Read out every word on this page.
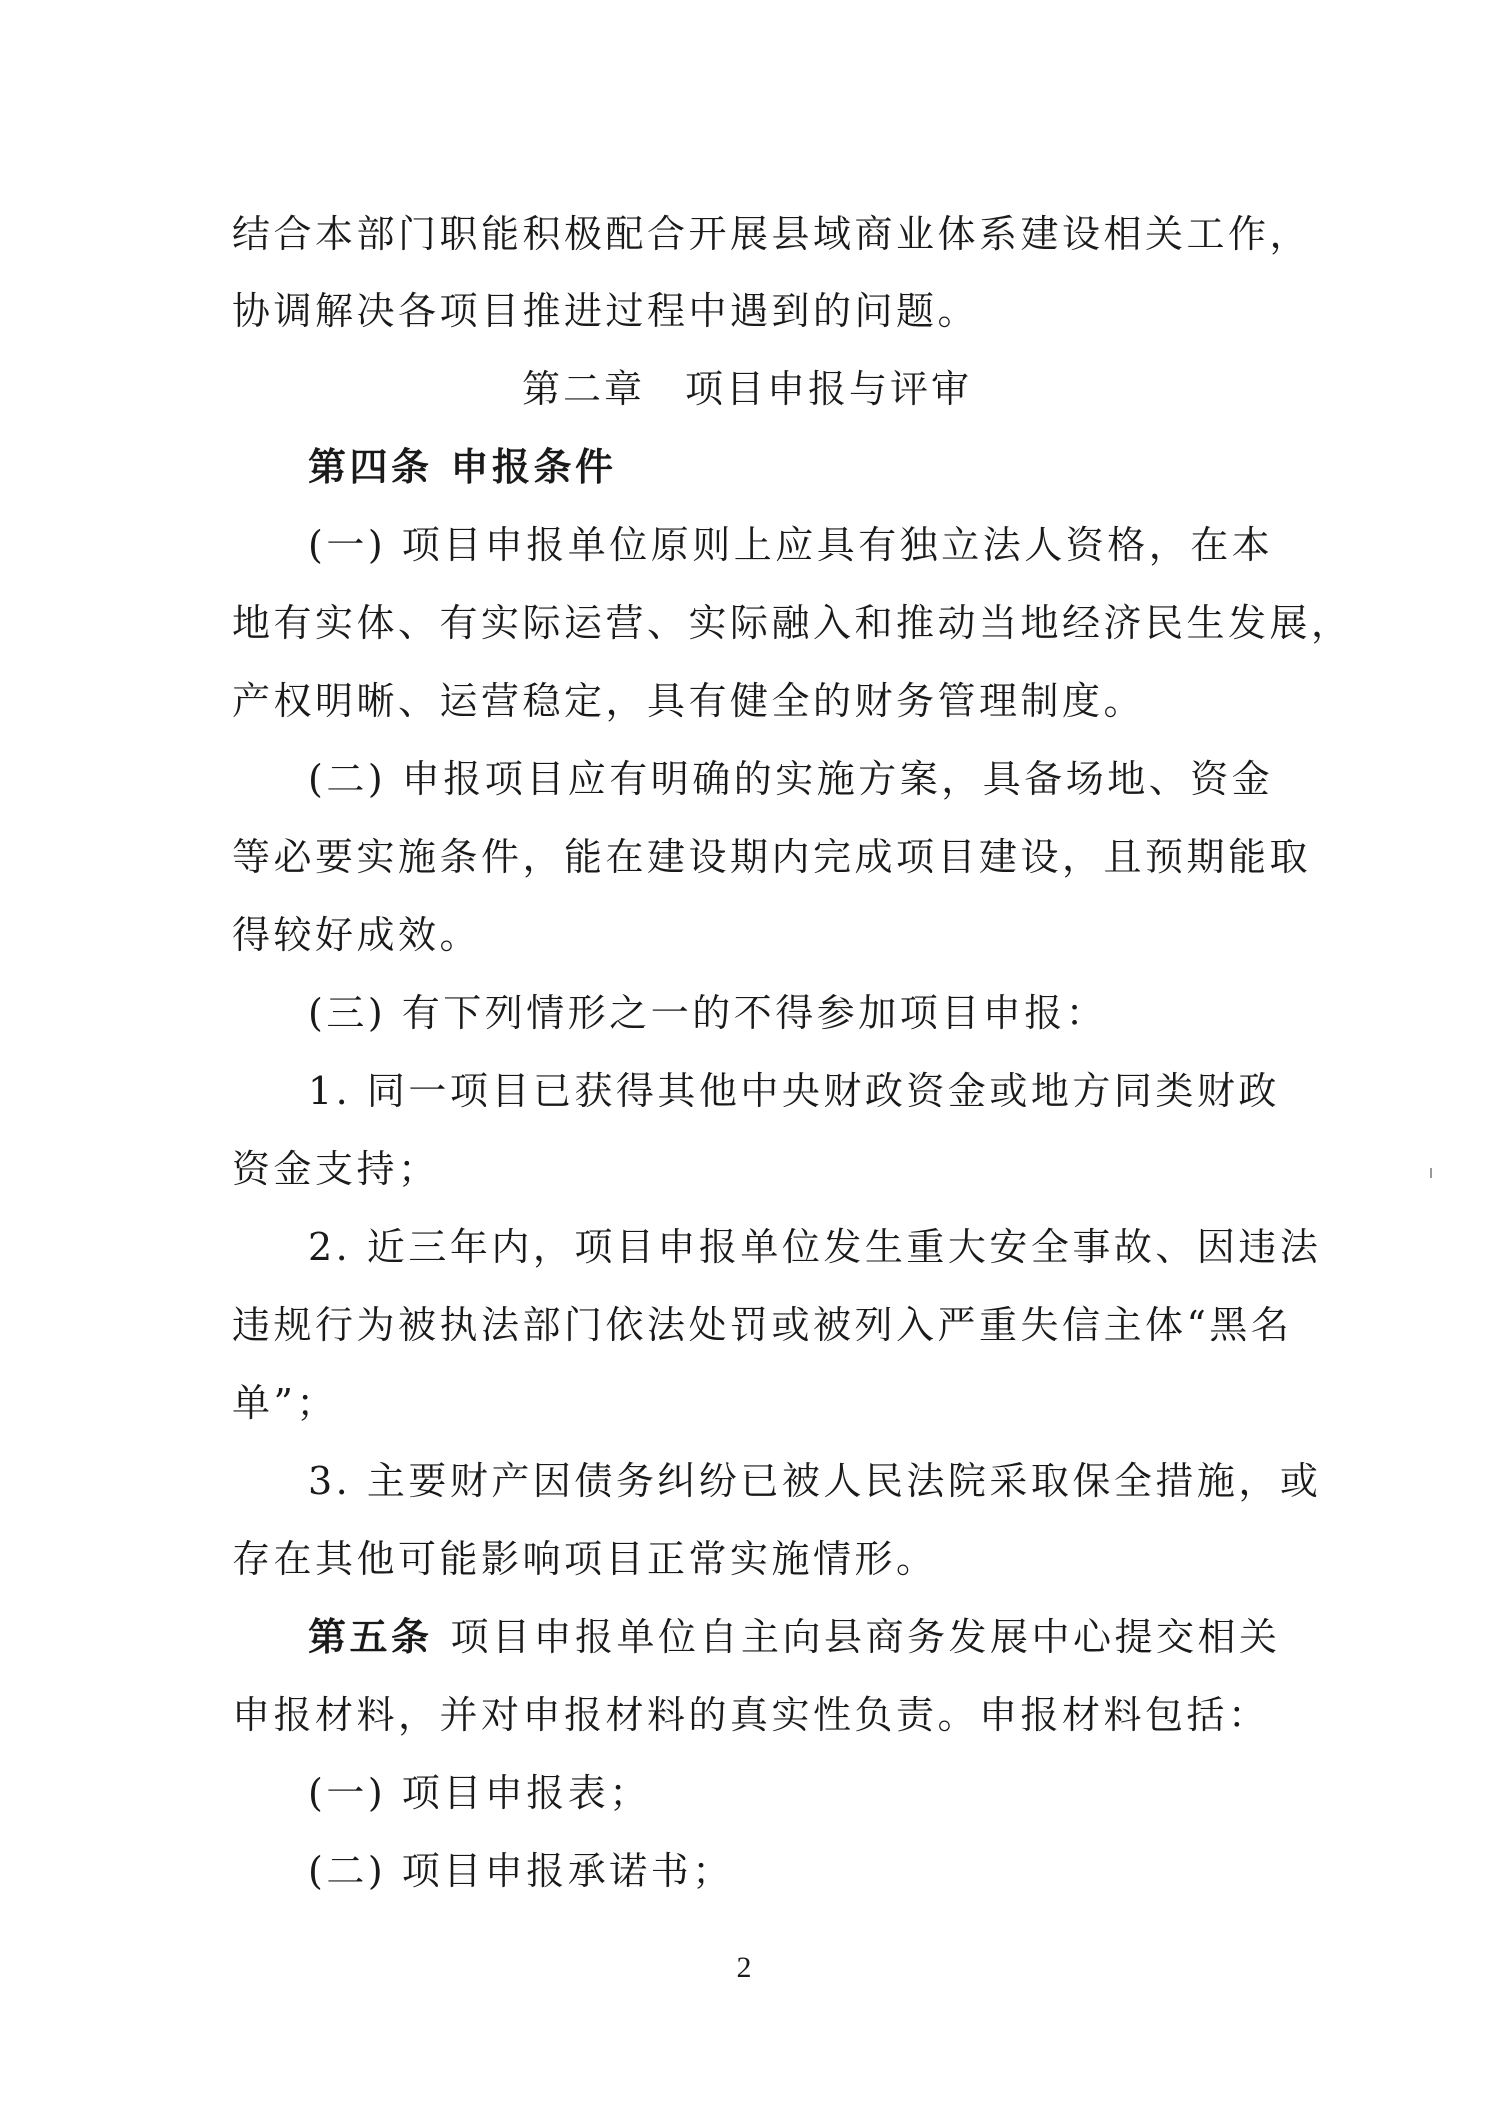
结合本部门职能积极配合开展县域商业体系建设相关工作，
协调解决各项目推进过程中遇到的问题。
第二章 项目申报与评审
第四条 申报条件
(一) 项目申报单位原则上应具有独立法人资格，在本
地有实体、有实际运营、实际融入和推动当地经济民生发展，
产权明晰、运营稳定，具有健全的财务管理制度。
(二) 申报项目应有明确的实施方案，具备场地、资金
等必要实施条件，能在建设期内完成项目建设，且预期能取
得较好成效。
(三) 有下列情形之一的不得参加项目申报：
1. 同一项目已获得其他中央财政资金或地方同类财政
资金支持；
2. 近三年内，项目申报单位发生重大安全事故、因违法
违规行为被执法部门依法处罚或被列入严重失信主体“黑名
单”；
3. 主要财产因债务纠纷已被人民法院采取保全措施，或
存在其他可能影响项目正常实施情形。
第五条 项目申报单位自主向县商务发展中心提交相关
申报材料，并对申报材料的真实性负责。申报材料包括：
(一) 项目申报表；
(二) 项目申报承诺书；
2
